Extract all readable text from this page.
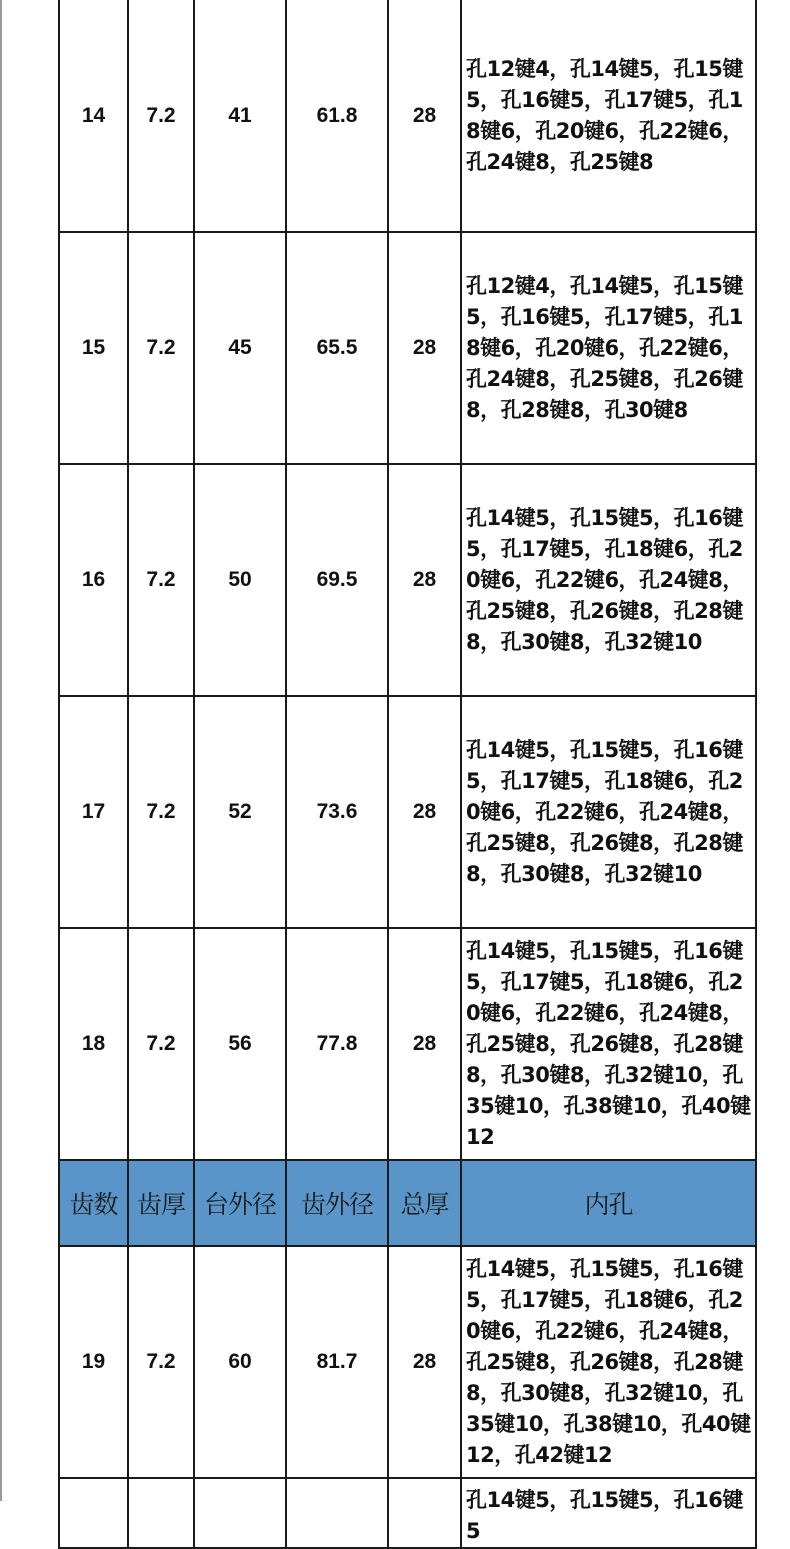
14	7.2	41	61.8	28	孔12键4，孔14键5，孔15键5，孔16键5，孔17键5，孔18键6，孔20键6，孔22键6，孔24键8，孔25键8
15	7.2	45	65.5	28	孔12键4，孔14键5，孔15键5，孔16键5，孔17键5，孔18键6，孔20键6，孔22键6，孔24键8，孔25键8，孔26键8，孔28键8，孔30键8
16	7.2	50	69.5	28	孔14键5，孔15键5，孔16键5，孔17键5，孔18键6，孔20键6，孔22键6，孔24键8，孔25键8，孔26键8，孔28键8，孔30键8，孔32键10
17	7.2	52	73.6	28	孔14键5，孔15键5，孔16键5，孔17键5，孔18键6，孔20键6，孔22键6，孔24键8，孔25键8，孔26键8，孔28键8，孔30键8，孔32键10
18	7.2	56	77.8	28	孔14键5，孔15键5，孔16键5，孔17键5，孔18键6，孔20键6，孔22键6，孔24键8，孔25键8，孔26键8，孔28键8，孔30键8，孔32键10，孔35键10，孔38键10，孔40键12
齿数	齿厚	台外径	齿外径	总厚	内孔
19	7.2	60	81.7	28	孔14键5，孔15键5，孔16键5，孔17键5，孔18键6，孔20键6，孔22键6，孔24键8，孔25键8，孔26键8，孔28键8，孔30键8，孔32键10，孔35键10，孔38键10，孔40键12，孔42键12
					孔14键5，孔15键5，孔16键5
